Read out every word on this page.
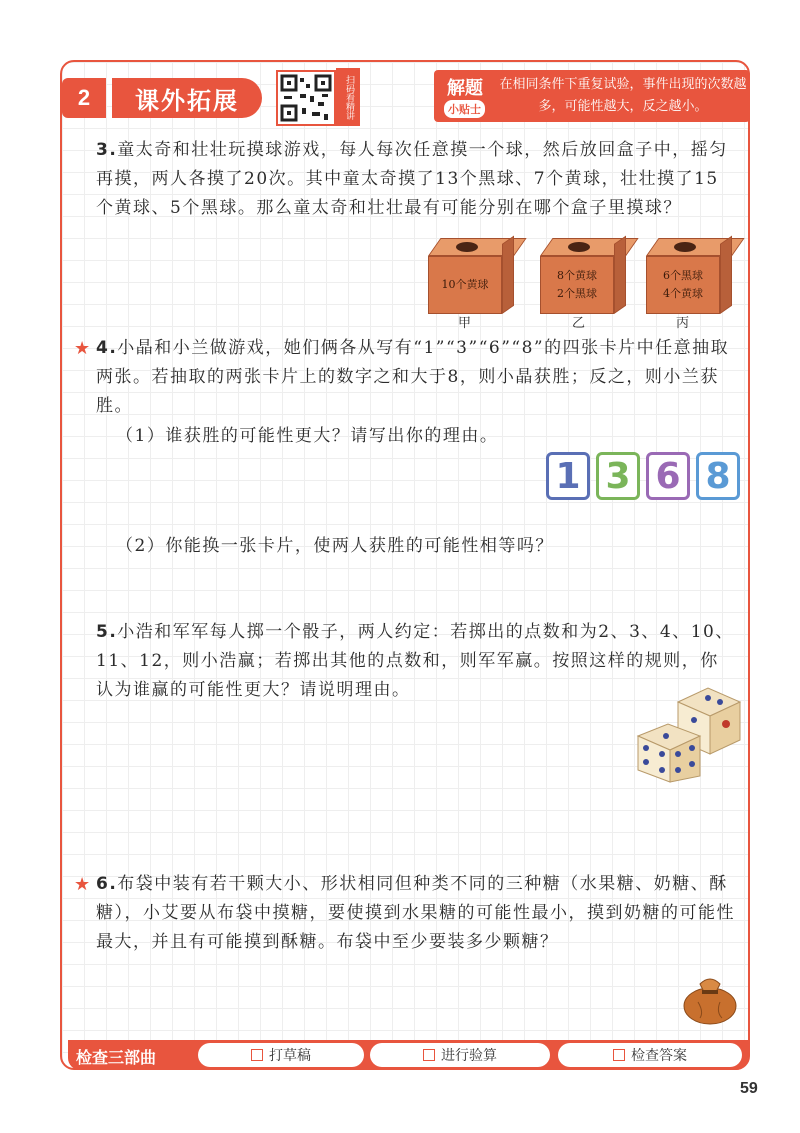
2	课外拓展	扫码看精讲	解题
小贴士
在相同条件下重复试验，事件出现的次数越多，可能性越大，反之越小。
3.童太奇和壮壮玩摸球游戏，每人每次任意摸一个球，然后放回盒子中，摇匀再摸，两人各摸了20次。其中童太奇摸了13个黑球、7个黄球，壮壮摸了15个黄球、5个黑球。那么童太奇和壮壮最有可能分别在哪个盒子里摸球？
10个黄球
8个黄球
2个黑球
6个黑球
4个黄球
甲	乙	丙
★ 4.小晶和小兰做游戏，她们俩各从写有“1”“3”“6”“8”的四张卡片中任意抽取两张。若抽取的两张卡片上的数字之和大于8，则小晶获胜；反之，则小兰获胜。
（1）谁获胜的可能性更大？请写出你的理由。
1 3 6 8
（2）你能换一张卡片，使两人获胜的可能性相等吗？
5.小浩和军军每人掷一个骰子，两人约定：若掷出的点数和为2、3、4、10、11、12，则小浩赢；若掷出其他的点数和，则军军赢。按照这样的规则，你认为谁赢的可能性更大？请说明理由。
★ 6.布袋中装有若干颗大小、形状相同但种类不同的三种糖（水果糖、奶糖、酥糖），小艾要从布袋中摸糖，要使摸到水果糖的可能性最小，摸到奶糖的可能性最大，并且有可能摸到酥糖。布袋中至少要装多少颗糖？
检查三部曲	打草稿	进行验算	检查答案
59
